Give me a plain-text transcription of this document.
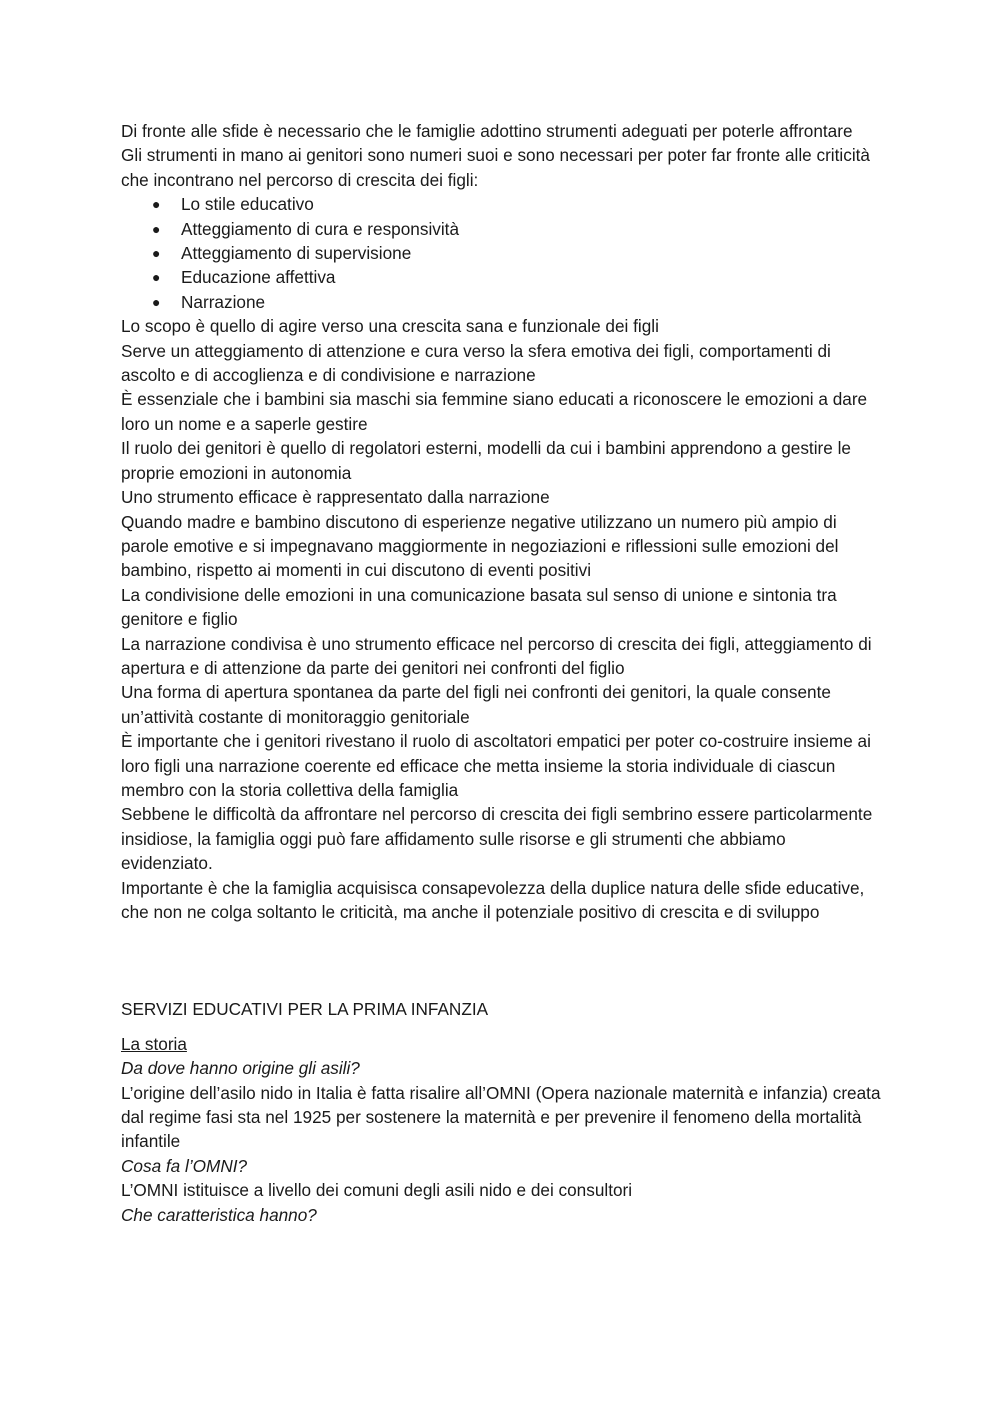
Di fronte alle sfide è necessario che le famiglie adottino strumenti adeguati per poterle affrontare

Gli strumenti in mano ai genitori sono numeri suoi e sono necessari per poter far fronte alle criticità che incontrano nel percorso di crescita dei figli:

● Lo stile educativo
● Atteggiamento di cura e responsività
● Atteggiamento di supervisione
● Educazione affettiva
● Narrazione

Lo scopo è quello di agire verso una crescita sana e funzionale dei figli

Serve un atteggiamento di attenzione e cura verso la sfera emotiva dei figli, comportamenti di ascolto e di accoglienza e di condivisione e narrazione

È essenziale che i bambini sia maschi sia femmine siano educati a riconoscere le emozioni a dare loro un nome e a saperle gestire

Il ruolo dei genitori è quello di regolatori esterni, modelli da cui i bambini apprendono a gestire le proprie emozioni in autonomia

Uno strumento efficace è rappresentato dalla narrazione

Quando madre e bambino discutono di esperienze negative utilizzano un numero più ampio di parole emotive e si impegnavano maggiormente in negoziazioni e riflessioni sulle emozioni del bambino, rispetto ai momenti in cui discutono di eventi positivi

La condivisione delle emozioni in una comunicazione basata sul senso di unione e sintonia tra genitore e figlio

La narrazione condivisa è uno strumento efficace nel percorso di crescita dei figli, atteggiamento di apertura e di attenzione da parte dei genitori nei confronti del figlio

Una forma di apertura spontanea da parte del figli nei confronti dei genitori, la quale consente un’attività costante di monitoraggio genitoriale

È importante che i genitori rivestano il ruolo di ascoltatori empatici per poter co-costruire insieme ai loro figli una narrazione coerente ed efficace che metta insieme la storia individuale di ciascun membro con la storia collettiva della famiglia

Sebbene le difficoltà da affrontare nel percorso di crescita dei figli sembrino essere particolarmente insidiose, la famiglia oggi può fare affidamento sulle risorse e gli strumenti che abbiamo evidenziato.

Importante è che la famiglia acquisisca consapevolezza della duplice natura delle sfide educative, che non ne colga soltanto le criticità, ma anche il potenziale positivo di crescita e di sviluppo

SERVIZI EDUCATIVI PER LA PRIMA INFANZIA

La storia

Da dove hanno origine gli asili?

L’origine dell’asilo nido in Italia è fatta risalire all’OMNI (Opera nazionale maternità e infanzia) creata dal regime fasi sta nel 1925 per sostenere la maternità e per prevenire il fenomeno della mortalità infantile

Cosa fa l’OMNI?

L’OMNI istituisce a livello dei comuni degli asili nido e dei consultori

Che caratteristica hanno?
